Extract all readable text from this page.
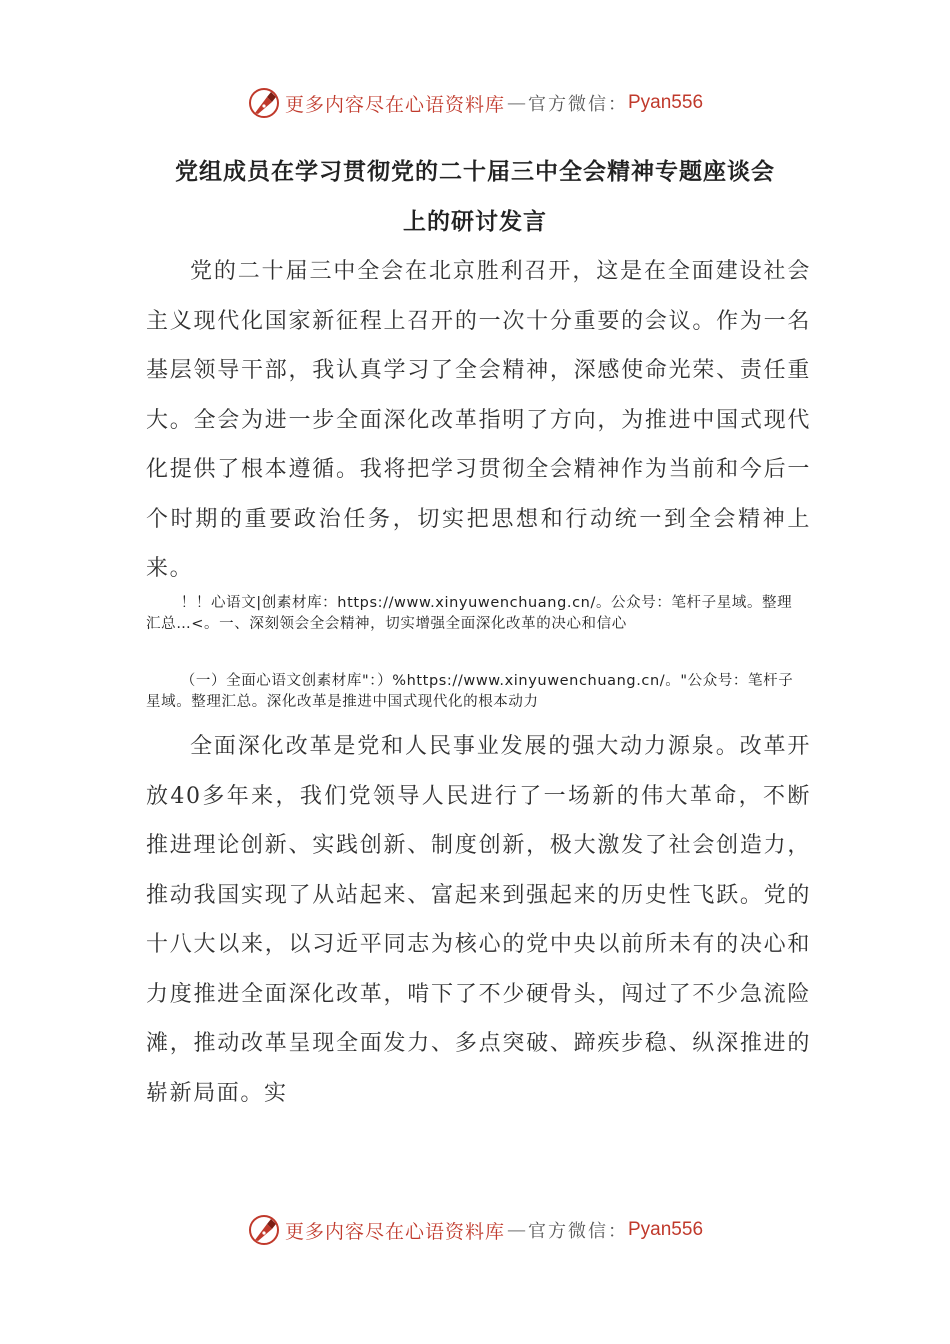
更多内容尽在心语资料库 — 官方微信： Pyan556
党组成员在学习贯彻党的二十届三中全会精神专题座谈会
上的研讨发言

党的二十届三中全会在北京胜利召开，这是在全面建设社会主义现代化国家新征程上召开的一次十分重要的会议。作为一名基层领导干部，我认真学习了全会精神，深感使命光荣、责任重大。全会为进一步全面深化改革指明了方向，为推进中国式现代化提供了根本遵循。我将把学习贯彻全会精神作为当前和今后一个时期的重要政治任务，切实把思想和行动统一到全会精神上来。

！！心语文|创素材库：https://www.xinyuwenchuang.cn/。公众号：笔杆子星域。整理汇总…<。一、深刻领会全会精神，切实增强全面深化改革的决心和信心

（一）全面心语文创素材库"：）%https://www.xinyuwenchuang.cn/。"公众号：笔杆子星域。整理汇总。深化改革是推进中国式现代化的根本动力

全面深化改革是党和人民事业发展的强大动力源泉。改革开放40多年来，我们党领导人民进行了一场新的伟大革命，不断推进理论创新、实践创新、制度创新，极大激发了社会创造力，推动我国实现了从站起来、富起来到强起来的历史性飞跃。党的十八大以来，以习近平同志为核心的党中央以前所未有的决心和力度推进全面深化改革，啃下了不少硬骨头，闯过了不少急流险滩，推动改革呈现全面发力、多点突破、蹄疾步稳、纵深推进的崭新局面。实

更多内容尽在心语资料库 — 官方微信： Pyan556
